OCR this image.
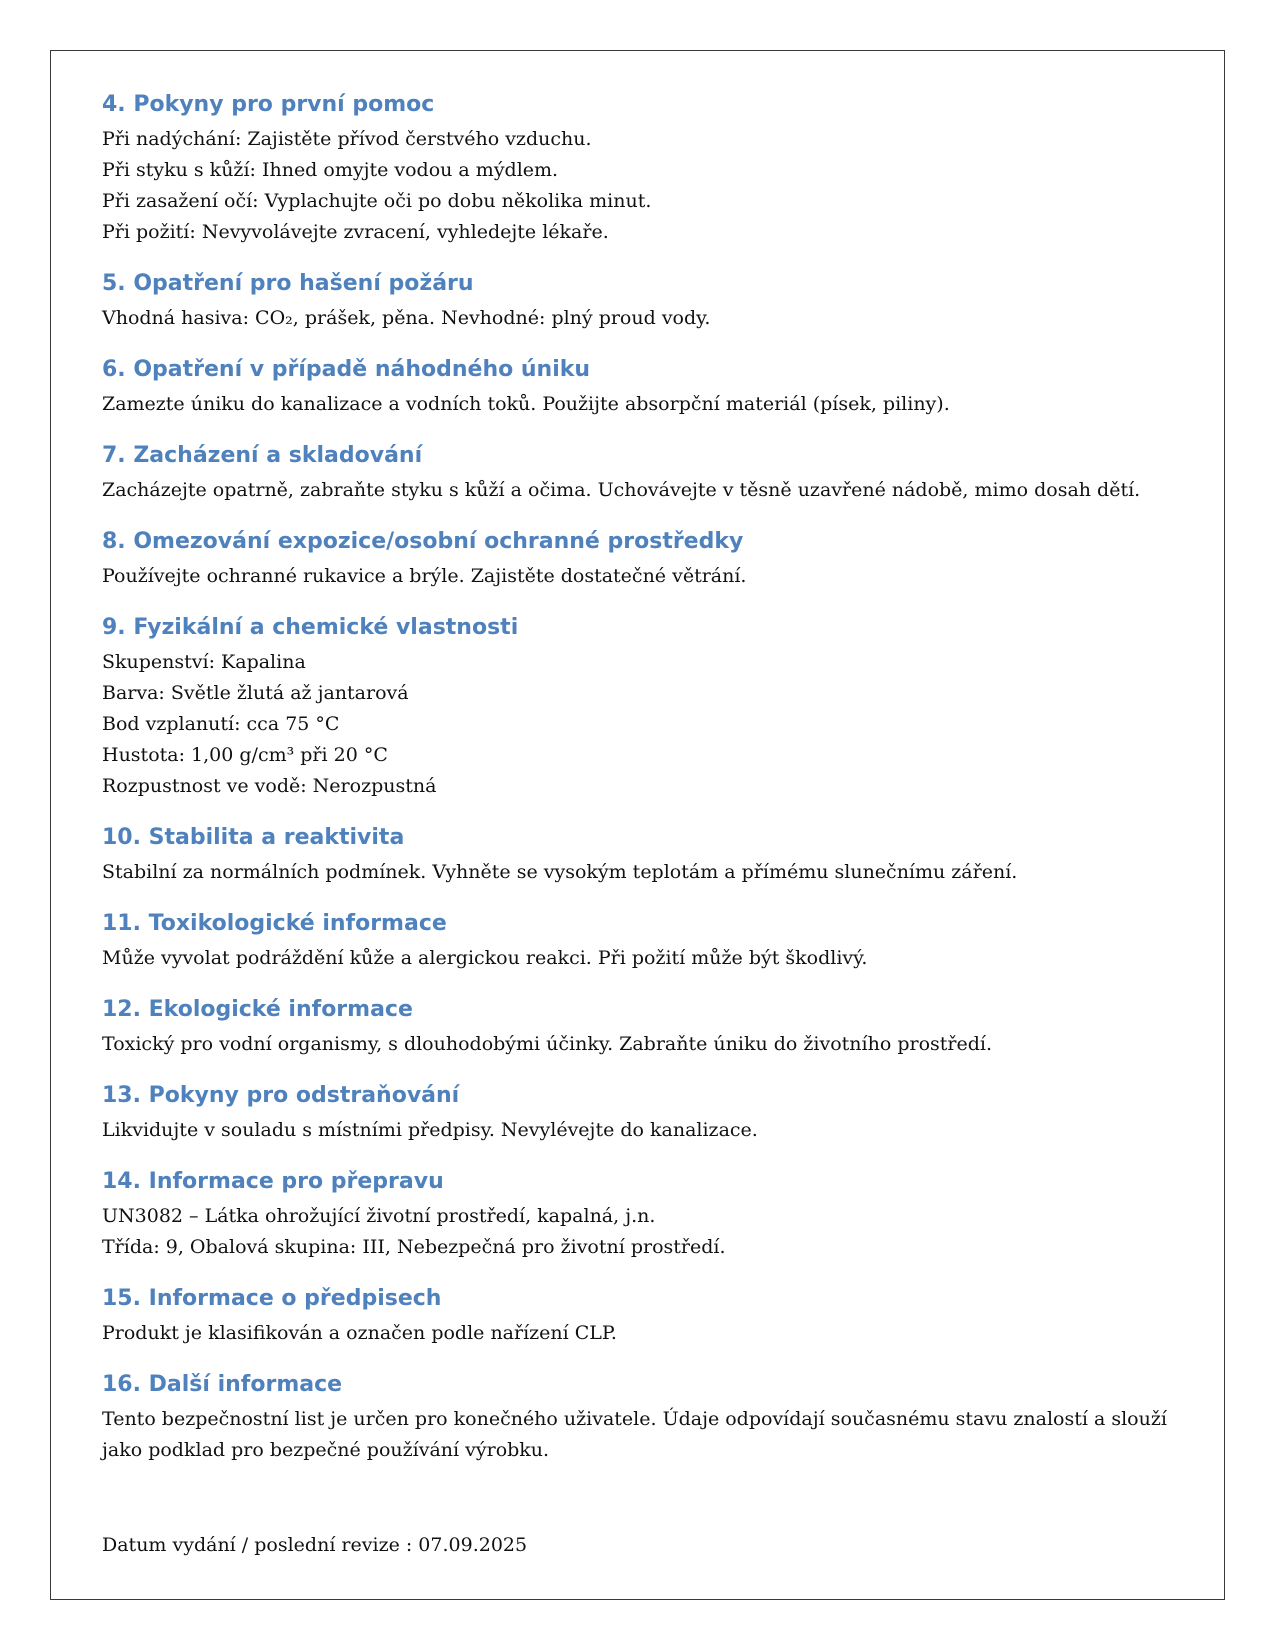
4. Pokyny pro první pomoc

Při nadýchání: Zajistěte přívod čerstvého vzduchu.

Při styku s kůží: Ihned omyjte vodou a mýdlem.

Při zasažení očí: Vyplachujte oči po dobu několika minut.

Při požití: Nevyvolávejte zvracení, vyhledejte lékaře.

5. Opatření pro hašení požáru

Vhodná hasiva: CO₂, prášek, pěna. Nevhodné: plný proud vody.

6. Opatření v případě náhodného úniku

Zamezte úniku do kanalizace a vodních toků. Použijte absorpční materiál (písek, piliny).

7. Zacházení a skladování

Zacházejte opatrně, zabraňte styku s kůží a očima. Uchovávejte v těsně uzavřené nádobě, mimo dosah dětí.

8. Omezování expozice/osobní ochranné prostředky

Používejte ochranné rukavice a brýle. Zajistěte dostatečné větrání.

9. Fyzikální a chemické vlastnosti

Skupenství: Kapalina

Barva: Světle žlutá až jantarová

Bod vzplanutí: cca 75 °C

Hustota: 1,00 g/cm³ při 20 °C

Rozpustnost ve vodě: Nerozpustná

10. Stabilita a reaktivita

Stabilní za normálních podmínek. Vyhněte se vysokým teplotám a přímému slunečnímu záření.

11. Toxikologické informace

Může vyvolat podráždění kůže a alergickou reakci. Při požití může být škodlivý.

12. Ekologické informace

Toxický pro vodní organismy, s dlouhodobými účinky. Zabraňte úniku do životního prostředí.

13. Pokyny pro odstraňování

Likvidujte v souladu s místními předpisy. Nevylévejte do kanalizace.

14. Informace pro přepravu

UN3082 – Látka ohrožující životní prostředí, kapalná, j.n.

Třída: 9, Obalová skupina: III, Nebezpečná pro životní prostředí.

15. Informace o předpisech

Produkt je klasifikován a označen podle nařízení CLP.

16. Další informace

Tento bezpečnostní list je určen pro konečného uživatele. Údaje odpovídají současnému stavu znalostí a slouží jako podklad pro bezpečné používání výrobku.

Datum vydání / poslední revize : 07.09.2025
